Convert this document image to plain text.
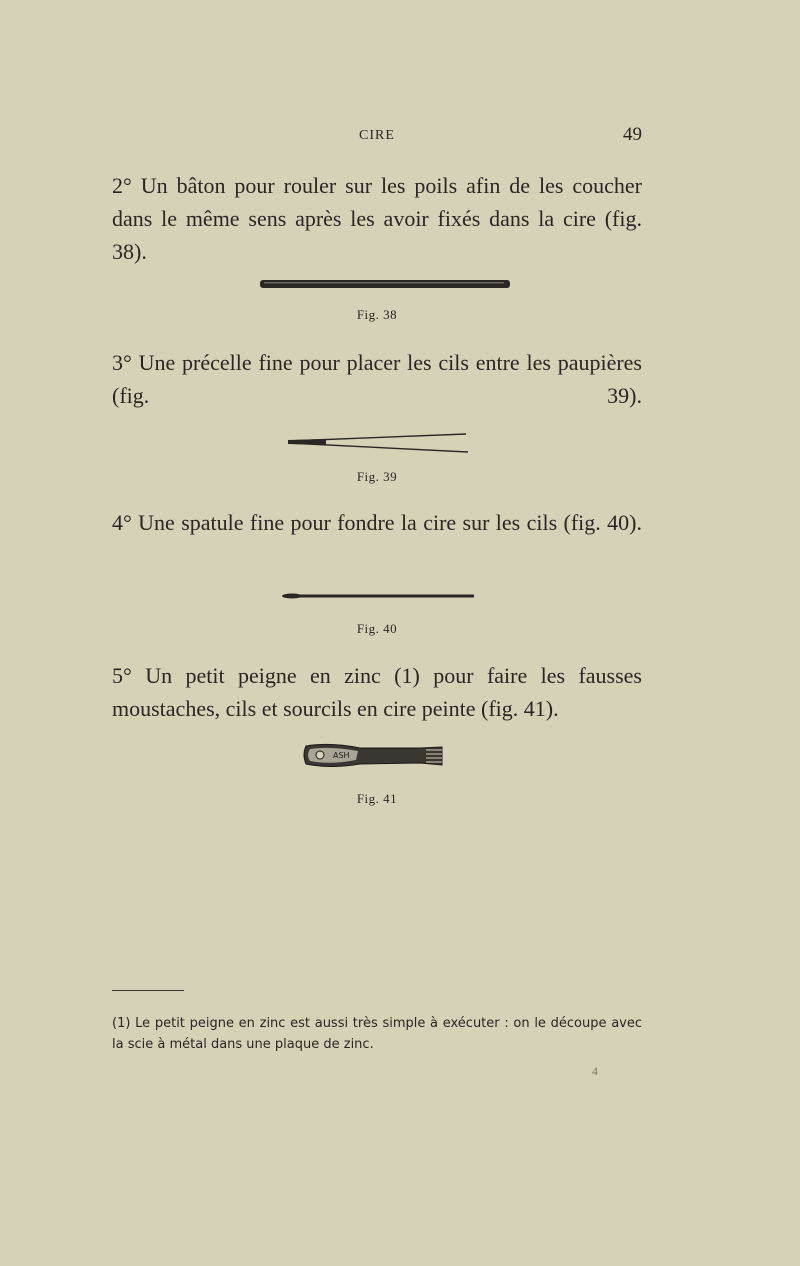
CIRE	49

2° Un bâton pour rouler sur les poils afin de les coucher dans le même sens après les avoir fixés dans la cire (fig. 38).

Fig. 38

3° Une précelle fine pour placer les cils entre les paupières (fig. 39).

Fig. 39

4° Une spatule fine pour fondre la cire sur les cils (fig. 40).

Fig. 40

5° Un petit peigne en zinc (1) pour faire les fausses moustaches, cils et sourcils en cire peinte (fig. 41).

ASH
Fig. 41

(1) Le petit peigne en zinc est aussi très simple à exécuter : on le découpe avec la scie à métal dans une plaque de zinc.

4
